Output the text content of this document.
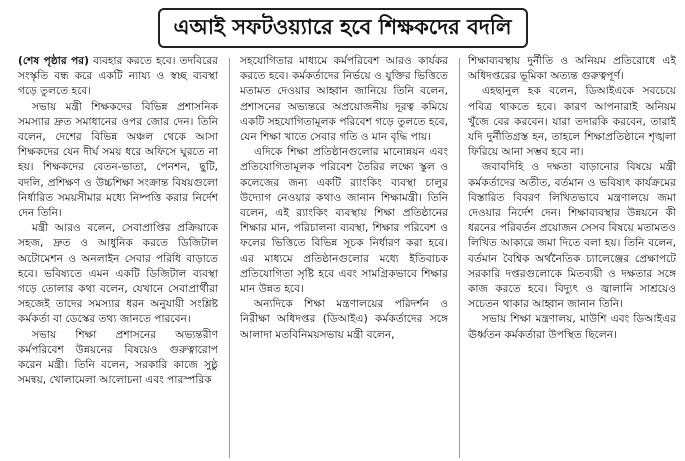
এআই সফটওয়্যারে হবে শিক্ষকদের বদলি

(শেষ পৃষ্ঠার পর) ব্যবহার করতে হবে। তদবিরের সংস্কৃতি বন্ধ করে একটি ন্যায্য ও স্বচ্ছ ব্যবস্থা গড়ে তুলতে হবে।

সভায় মন্ত্রী শিক্ষকদের বিভিন্ন প্রশাসনিক সমস্যার দ্রুত সমাধানের ওপর জোর দেন। তিনি বলেন, দেশের বিভিন্ন অঞ্চল থেকে আসা শিক্ষকদের যেন দীর্ঘ সময় ধরে অফিসে ঘুরতে না হয়। শিক্ষকদের বেতন-ভাতা, পেনশন, ছুটি, বদলি, প্রশিক্ষণ ও উচ্চশিক্ষা সংক্রান্ত বিষয়গুলো নির্ধারিত সময়সীমার মধ্যে নিষ্পত্তি করার নির্দেশ দেন তিনি।

মন্ত্রী আরও বলেন, সেবাপ্রাপ্তির প্রক্রিয়াকে সহজ, দ্রুত ও আধুনিক করতে ডিজিটাল অটোমেশন ও অনলাইন সেবার পরিধি বাড়াতে হবে। ভবিষ্যতে এমন একটি ডিজিটাল ব্যবস্থা গড়ে তোলার কথা বলেন, যেখানে সেবাপ্রার্থীরা সহজেই তাদের সমস্যার ধরন অনুযায়ী সংশ্লিষ্ট কর্মকর্তা বা ডেস্কের তথ্য জানতে পারবেন।

সভায় শিক্ষা প্রশাসনের অভ্যন্তরীণ কর্মপরিবেশ উন্নয়নের বিষয়েও গুরুত্বারোপ করেন মন্ত্রী। তিনি বলেন, সরকারি কাজে সুষ্ঠু সমন্বয়, খোলামেলা আলোচনা এবং পারস্পরিক

সহযোগিতার মাধ্যমে কর্মপরিবেশ আরও কার্যকর করতে হবে। কর্মকর্তাদের নির্ভয়ে ও যুক্তির ভিত্তিতে মতামত দেওয়ার আহ্বান জানিয়ে তিনি বলেন, প্রশাসনের অভ্যন্তরে অপ্রয়োজনীয় দূরত্ব কমিয়ে একটি সহযোগিতামূলক পরিবেশ গড়ে তুলতে হবে, যেন শিক্ষা খাতে সেবার গতি ও মান বৃদ্ধি পায়।

এদিকে শিক্ষা প্রতিষ্ঠানগুলোর মানোন্নয়ন এবং প্রতিযোগিতামূলক পরিবেশ তৈরির লক্ষ্যে স্কুল ও কলেজের জন্য একটি র‍্যাংকিং ব্যবস্থা চালুর উদ্যোগ নেওয়ার কথাও জানান শিক্ষামন্ত্রী। তিনি বলেন, এই র‍্যাংকিং ব্যবস্থায় শিক্ষা প্রতিষ্ঠানের শিক্ষার মান, পরিচালনা ব্যবস্থা, শিক্ষার পরিবেশ ও ফলের ভিত্তিতে বিভিন্ন সূচক নির্ধারণ করা হবে। এর মাধ্যমে প্রতিষ্ঠানগুলোর মধ্যে ইতিবাচক প্রতিযোগিতা সৃষ্টি হবে এবং সামগ্রিকভাবে শিক্ষার মান উন্নত হবে।

অন্যদিকে শিক্ষা মন্ত্রণালয়ের পরিদর্শন ও নিরীক্ষা অধিদপ্তর (ডিআইএ) কর্মকর্তাদের সঙ্গে আলাদা মতবিনিময়সভায় মন্ত্রী বলেন,

শিক্ষাব্যবস্থায় দুর্নীতি ও অনিয়ম প্রতিরোধে এই অধিদপ্তরের ভূমিকা অত্যন্ত গুরুত্বপূর্ণ।

এহছানুল হক বলেন, ডিআইএকে সবচেয়ে পবিত্র থাকতে হবে। কারণ আপনারাই অনিয়ম খুঁজে বের করবেন। যারা তদারকি করবেন, তারাই যদি দুর্নীতিগ্রস্ত হন, তাহলে শিক্ষাপ্রতিষ্ঠানে শৃঙ্খলা ফিরিয়ে আনা সম্ভব হবে না।

জবাবদিহি ও দক্ষতা বাড়ানোর বিষয়ে মন্ত্রী কর্মকর্তাদের অতীত, বর্তমান ও ভবিষ্যৎ কার্যক্রমের বিস্তারিত বিবরণ লিখিতভাবে মন্ত্রণালয়ে জমা দেওয়ার নির্দেশ দেন। শিক্ষাব্যবস্থার উন্নয়নে কী ধরনের পরিবর্তন প্রয়োজন সেসব বিষয়ে মতামতও লিখিত আকারে জমা দিতে বলা হয়। তিনি বলেন, বর্তমান বৈশ্বিক অর্থনৈতিক চ্যালেঞ্জের প্রেক্ষাপটে সরকারি দপ্তরগুলোকে মিতব্যয়ী ও দক্ষতার সঙ্গে কাজ করতে হবে। বিদ্যুৎ ও জ্বালানি সাশ্রয়েও সচেতন থাকার আহ্বান জানান তিনি।

সভায় শিক্ষা মন্ত্রণালয়, মাউশি এবং ডিআইএর ঊর্ধ্বতন কর্মকর্তারা উপস্থিত ছিলেন।
